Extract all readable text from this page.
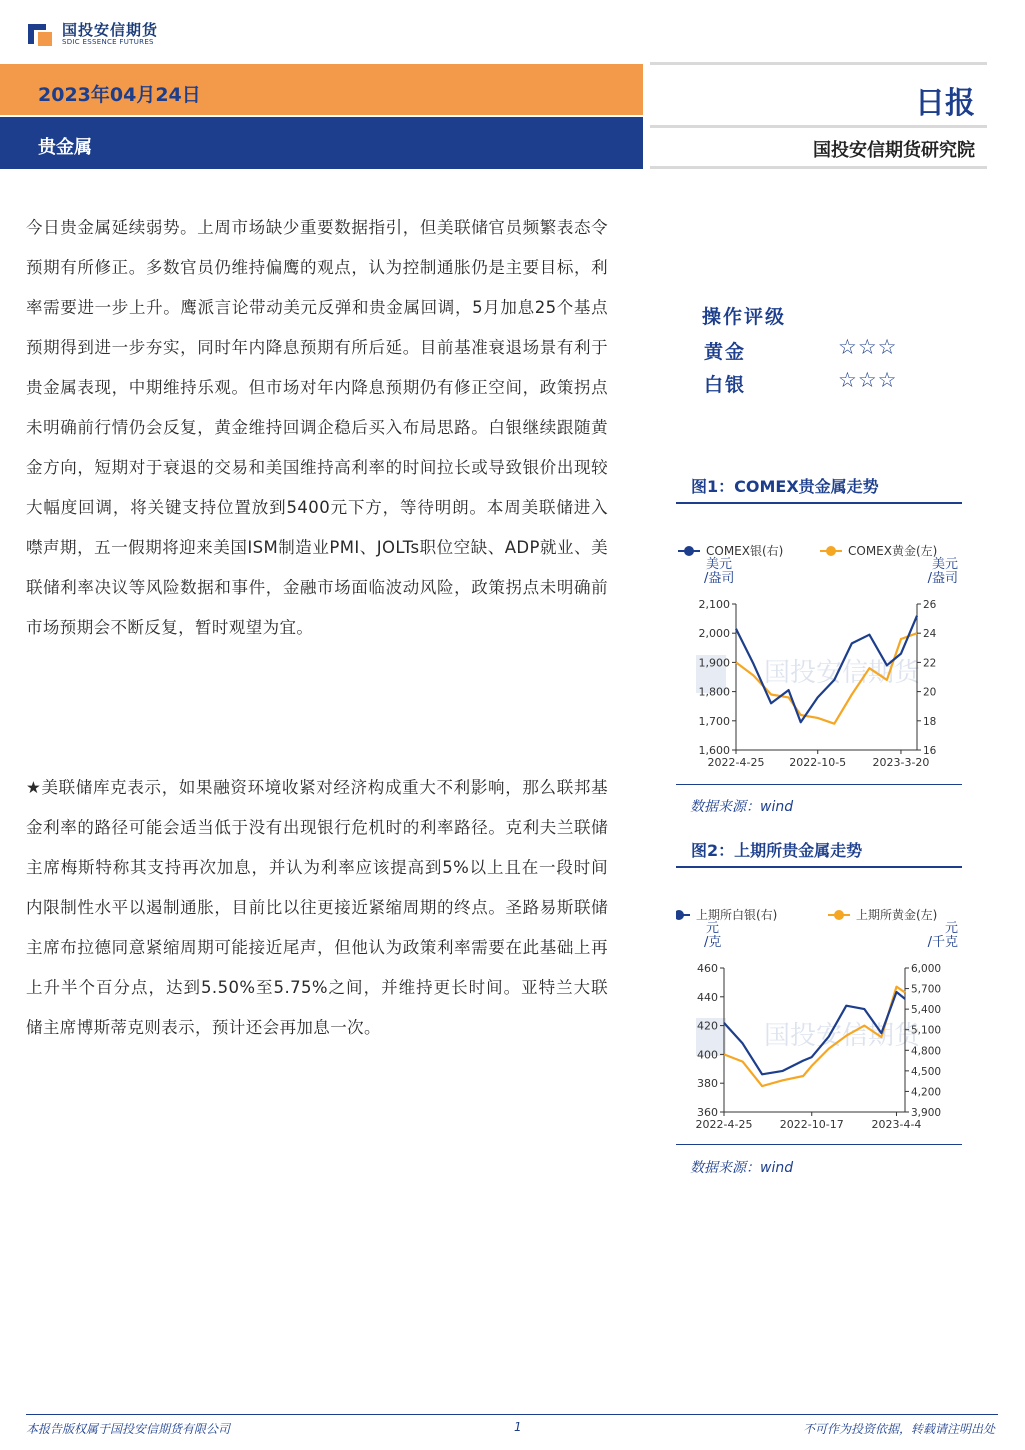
国投安信期货
SDIC ESSENCE FUTURES
2023年04月24日
贵金属
日报
国投安信期货研究院
今日贵金属延续弱势。上周市场缺少重要数据指引，但美联储官员频繁表态令预期有所修正。多数官员仍维持偏鹰的观点，认为控制通胀仍是主要目标，利率需要进一步上升。鹰派言论带动美元反弹和贵金属回调，5月加息25个基点预期得到进一步夯实，同时年内降息预期有所后延。目前基准衰退场景有利于贵金属表现，中期维持乐观。但市场对年内降息预期仍有修正空间，政策拐点未明确前行情仍会反复，黄金维持回调企稳后买入布局思路。白银继续跟随黄金方向，短期对于衰退的交易和美国维持高利率的时间拉长或导致银价出现较大幅度回调，将关键支持位置放到5400元下方，等待明朗。本周美联储进入噤声期，五一假期将迎来美国ISM制造业PMI、JOLTs职位空缺、ADP就业、美联储利率决议等风险数据和事件，金融市场面临波动风险，政策拐点未明确前市场预期会不断反复，暂时观望为宜。
★美联储库克表示，如果融资环境收紧对经济构成重大不利影响，那么联邦基金利率的路径可能会适当低于没有出现银行危机时的利率路径。克利夫兰联储主席梅斯特称其支持再次加息，并认为利率应该提高到5%以上且在一段时间内限制性水平以遏制通胀，目前比以往更接近紧缩周期的终点。圣路易斯联储主席布拉德同意紧缩周期可能接近尾声，但他认为政策利率需要在此基础上再上升半个百分点，达到5.50%至5.75%之间，并维持更长时间。亚特兰大联储主席博斯蒂克则表示，预计还会再加息一次。
操作评级
黄金	☆☆☆
白银	☆☆☆
图1：COMEX贵金属走势
COMEX银(右)	COMEX黄金(左)
美元
/盎司
美元
/盎司
国投安信期货
1,600
1,700
1,800
1,900
2,000
2,100
16
18
20
22
24
26
2022-4-25 2022-10-5 2023-3-20
数据来源：wind
图2：上期所贵金属走势
上期所白银(右)	上期所黄金(左)
元
/克
元
/千克
国投安信期货
360
380
400
420
440
460
3,900
4,200
4,500
4,800
5,100
5,400
5,700
6,000
2022-4-25 2022-10-17	2023-4-4
数据来源：wind
本报告版权属于国投安信期货有限公司	1	不可作为投资依据，转载请注明出处
